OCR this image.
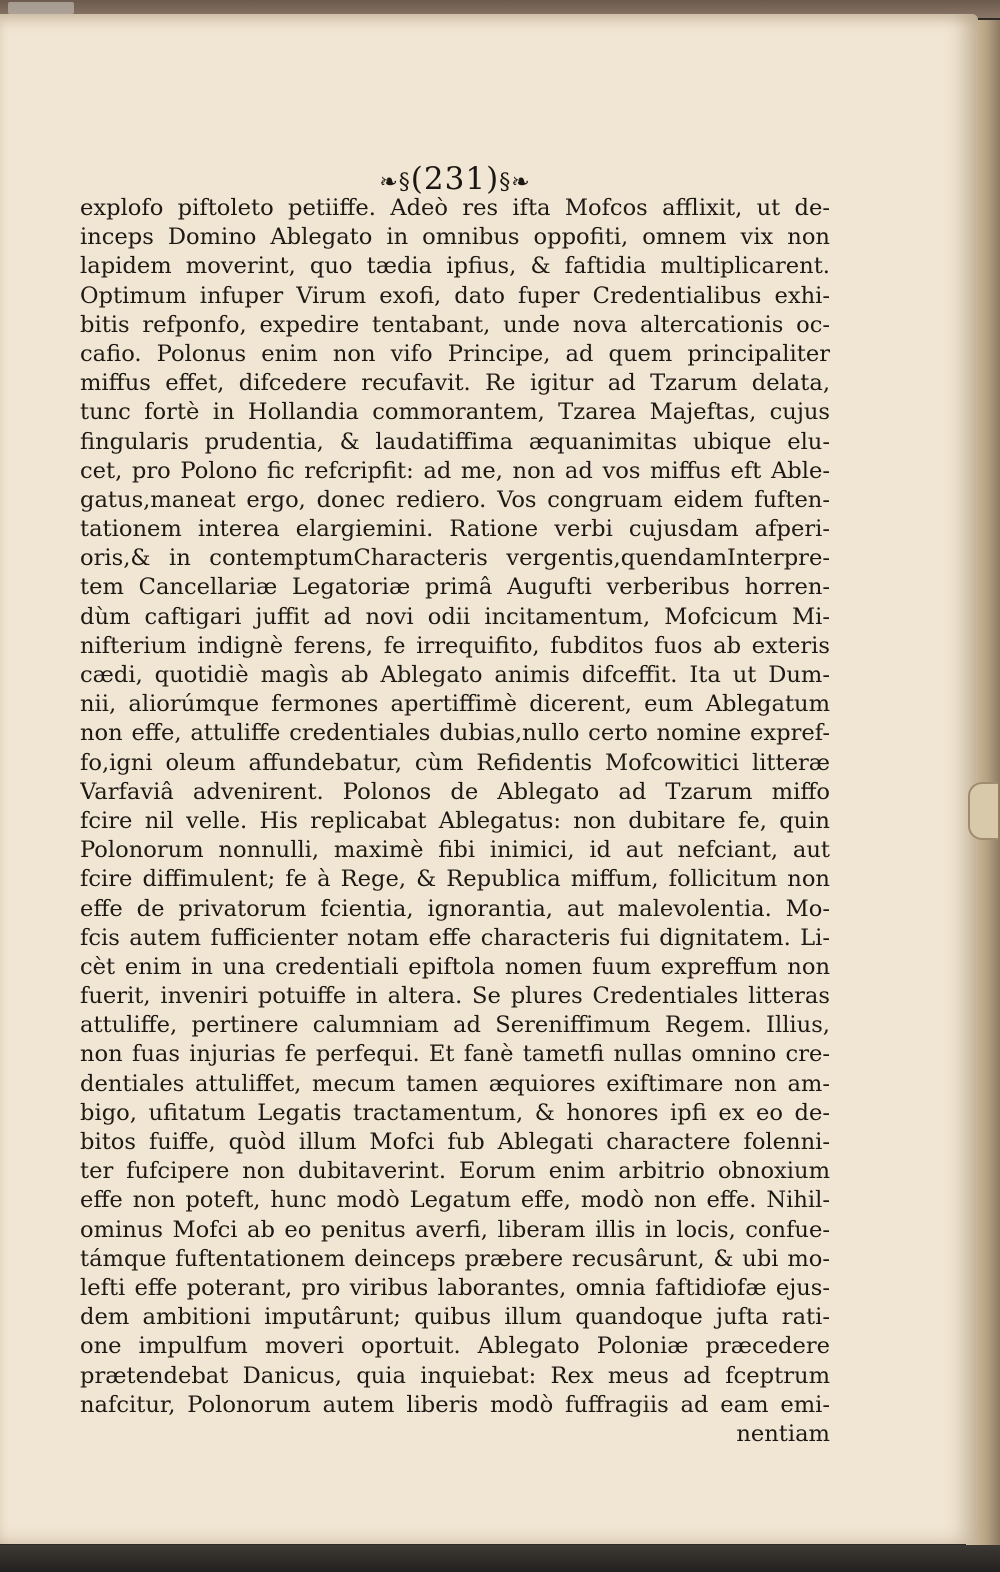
❧§(231)§❧
explofo piftoleto petiiffe. Adeò res ifta Mofcos afflixit, ut de-
inceps Domino Ablegato in omnibus oppofiti, omnem vix non
lapidem moverint, quo tædia ipfius, & faftidia multiplicarent.
Optimum infuper Virum exofi, dato fuper Credentialibus exhi-
bitis refponfo, expedire tentabant, unde nova altercationis oc-
cafio. Polonus enim non vifo Principe, ad quem principaliter
miffus effet, difcedere recufavit. Re igitur ad Tzarum delata,
tunc fortè in Hollandia commorantem, Tzarea Majeftas, cujus
fingularis prudentia, & laudatiffima æquanimitas ubique elu-
cet, pro Polono fic refcripfit: ad me, non ad vos miffus eft Able-
gatus,maneat ergo, donec rediero. Vos congruam eidem fuften-
tationem interea elargiemini. Ratione verbi cujusdam afperi-
oris,& in contemptumCharacteris vergentis,quendamInterpre-
tem Cancellariæ Legatoriæ primâ Augufti verberibus horren-
dùm caftigari juffit ad novi odii incitamentum, Mofcicum Mi-
nifterium indignè ferens, fe irrequifito, fubditos fuos ab exteris
cædi, quotidiè magìs ab Ablegato animis difceffit. Ita ut Dum-
nii, aliorúmque fermones apertiffimè dicerent, eum Ablegatum
non effe, attuliffe credentiales dubias,nullo certo nomine expref-
fo,igni oleum affundebatur, cùm Refidentis Mofcowitici litteræ
Varfaviâ advenirent. Polonos de Ablegato ad Tzarum miffo
fcire nil velle. His replicabat Ablegatus: non dubitare fe, quin
Polonorum nonnulli, maximè fibi inimici, id aut nefciant, aut
fcire diffimulent; fe à Rege, & Republica miffum, follicitum non
effe de privatorum fcientia, ignorantia, aut malevolentia. Mo-
fcis autem fufficienter notam effe characteris fui dignitatem. Li-
cèt enim in una credentiali epiftola nomen fuum expreffum non
fuerit, inveniri potuiffe in altera. Se plures Credentiales litteras
attuliffe, pertinere calumniam ad Sereniffimum Regem. Illius,
non fuas injurias fe perfequi. Et fanè tametfi nullas omnino cre-
dentiales attuliffet, mecum tamen æquiores exiftimare non am-
bigo, ufitatum Legatis tractamentum, & honores ipfi ex eo de-
bitos fuiffe, quòd illum Mofci fub Ablegati charactere folenni-
ter fufcipere non dubitaverint. Eorum enim arbitrio obnoxium
effe non poteft, hunc modò Legatum effe, modò non effe. Nihil-
ominus Mofci ab eo penitus averfi, liberam illis in locis, confue-
támque fuftentationem deinceps præbere recusârunt, & ubi mo-
lefti effe poterant, pro viribus laborantes, omnia faftidiofæ ejus-
dem ambitioni imputârunt; quibus illum quandoque jufta rati-
one impulfum moveri oportuit. Ablegato Poloniæ præcedere
prætendebat Danicus, quia inquiebat: Rex meus ad fceptrum
nafcitur, Polonorum autem liberis modò fuffragiis ad eam emi-
nentiam
